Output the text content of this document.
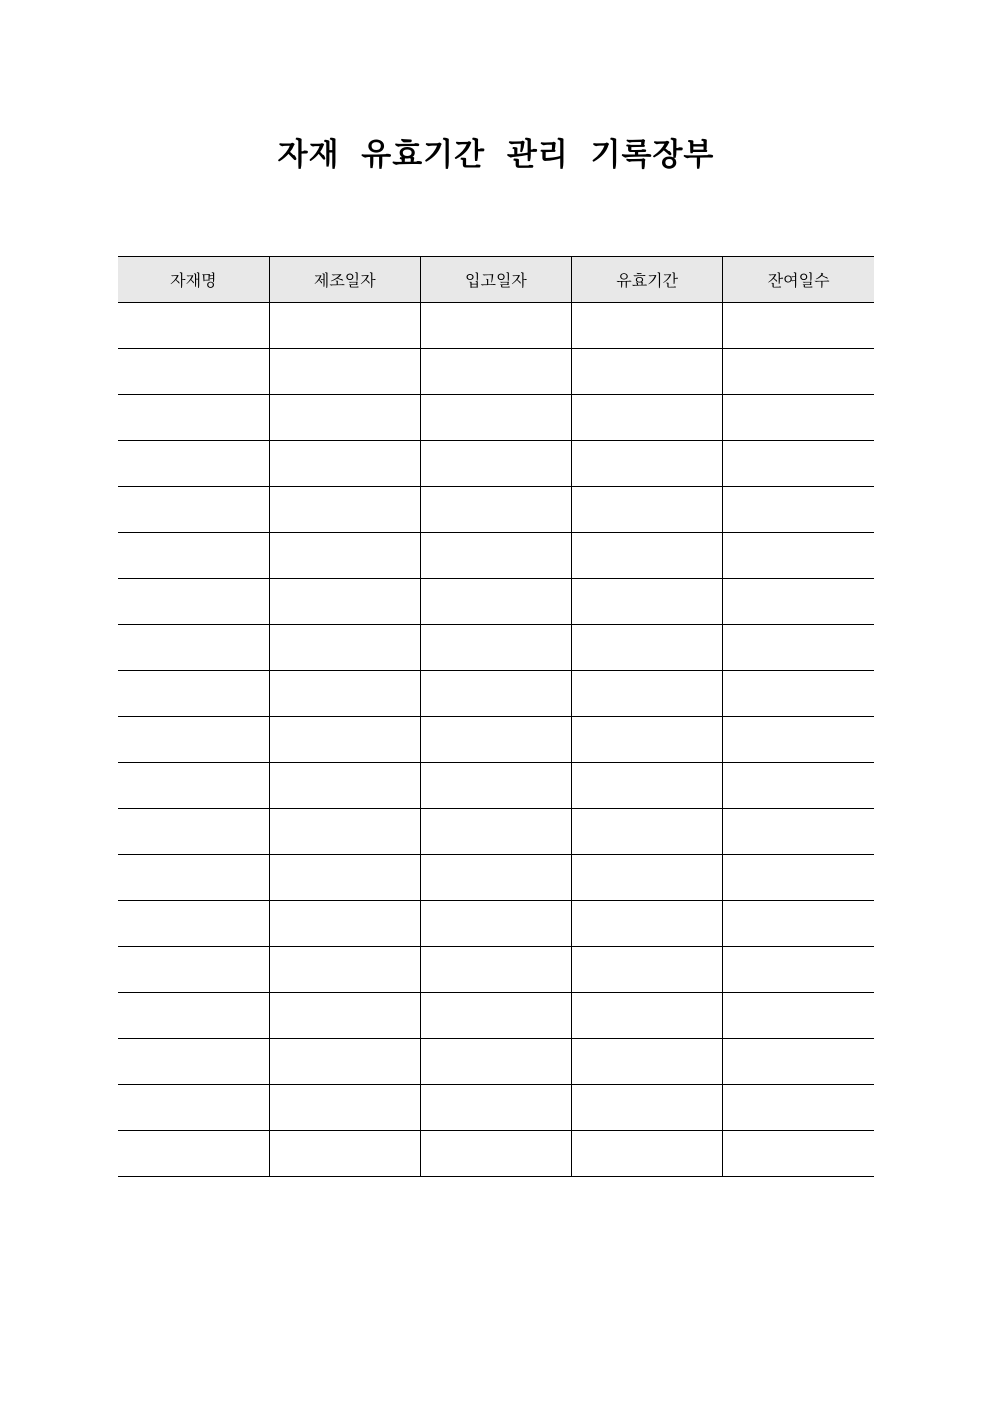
자재 유효기간 관리 기록장부
자재명	제조일자	입고일자	유효기간	잔여일수
